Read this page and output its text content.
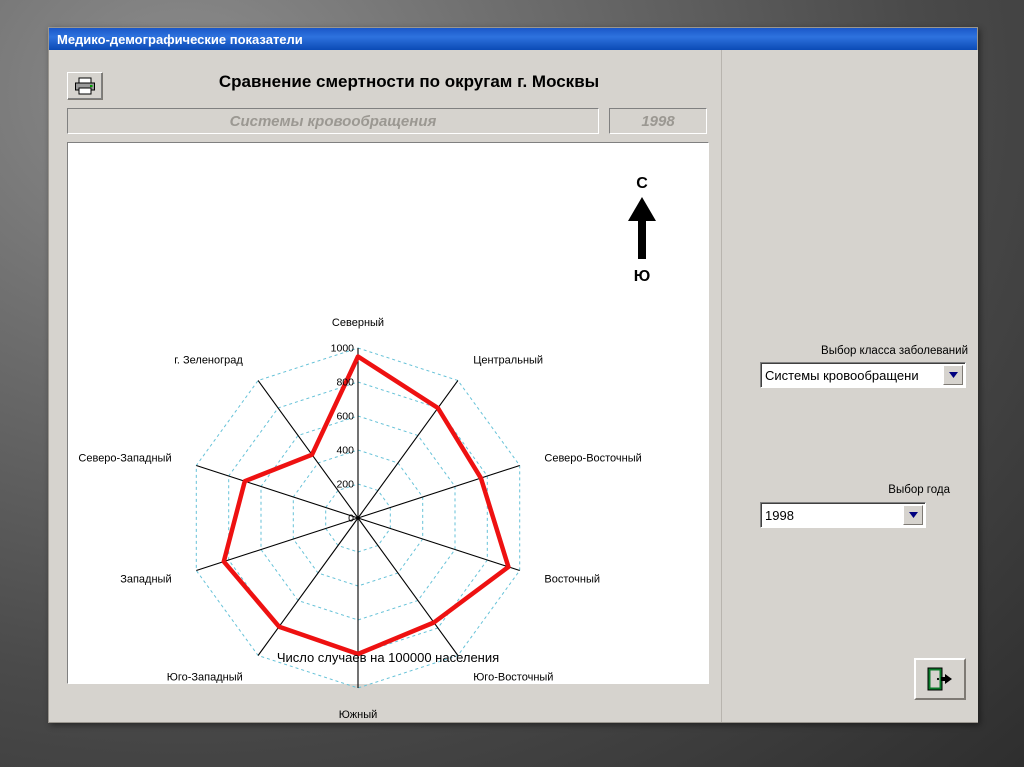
Медико-демографические показатели
Сравнение смертности по округам г. Москвы
Системы кровообращения	1998
0
200
400
600
800
1000
Северный
Центральный
Северо-Восточный
Восточный
Юго-Восточный
Южный
Юго-Западный
Западный
Северо-Западный
г. Зеленоград
С
Ю
Число случаев на 100000 населения
Выбор класса заболеваний
Системы кровообращени
Выбор года
1998
